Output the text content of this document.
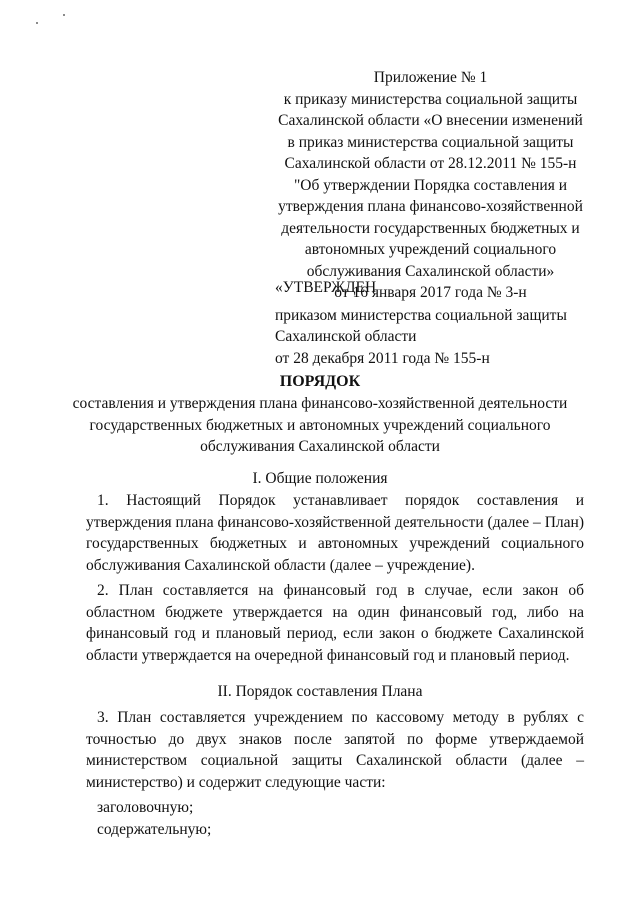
Приложение № 1
к приказу министерства социальной защиты
Сахалинской области «О внесении изменений
в приказ министерства социальной защиты
Сахалинской области от 28.12.2011 № 155-н
"Об утверждении Порядка составления и
утверждения плана финансово-хозяйственной
деятельности государственных бюджетных и
автономных учреждений социального
обслуживания Сахалинской области»
от 16 января 2017 года № 3-н
«УТВЕРЖДЕН
приказом министерства социальной защиты
Сахалинской области
от 28 декабря 2011 года № 155-н
ПОРЯДОК
составления и утверждения плана финансово-хозяйственной деятельности
государственных бюджетных и автономных учреждений социального
обслуживания Сахалинской области
I. Общие положения
1. Настоящий Порядок устанавливает порядок составления и
утверждения плана финансово-хозяйственной деятельности (далее – План)
государственных бюджетных и автономных учреждений социального
обслуживания Сахалинской области (далее – учреждение).
2. План составляется на финансовый год в случае, если закон об
областном бюджете утверждается на один финансовый год, либо на
финансовый год и плановый период, если закон о бюджете Сахалинской
области утверждается на очередной финансовый год и плановый период.
II. Порядок составления Плана
3. План составляется учреждением по кассовому методу в рублях с
точностью до двух знаков после запятой по форме утверждаемой
министерством социальной защиты Сахалинской области (далее –
министерство) и содержит следующие части:
заголовочную;
содержательную;
